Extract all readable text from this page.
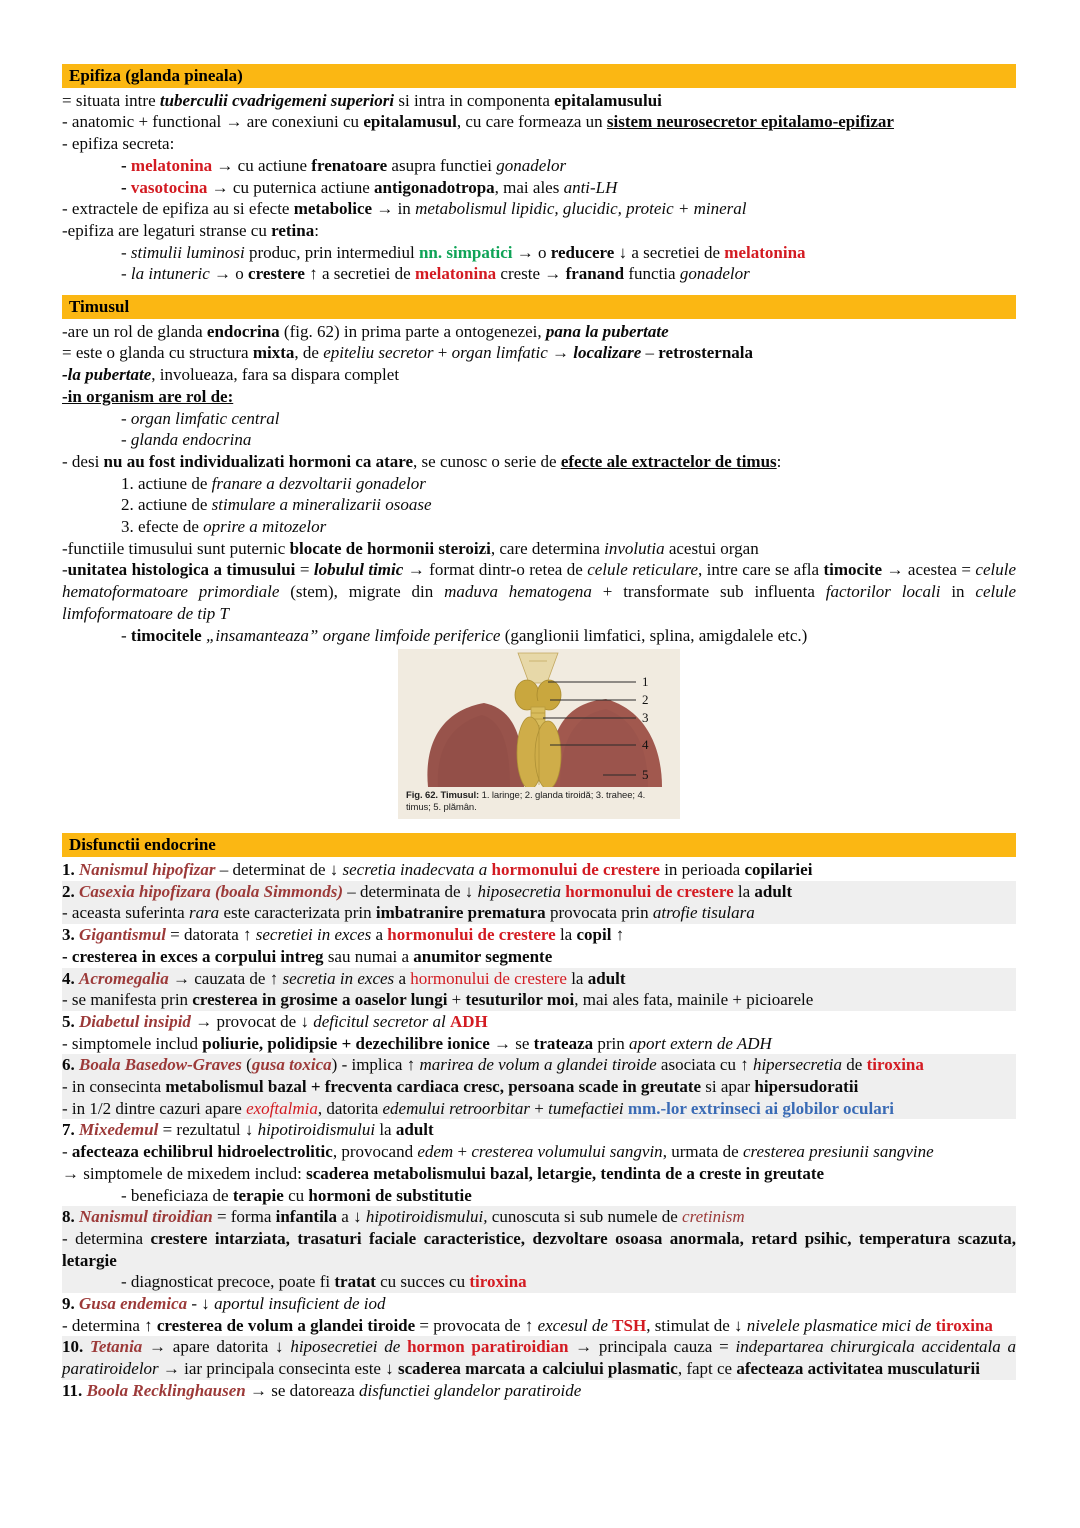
Epifiza (glanda pineala)
= situata intre tuberculii cvadrigemeni superiori si intra in componenta epitalamusului
- anatomic + functional → are conexiuni cu epitalamusul, cu care formeaza un sistem neurosecretor epitalamo-epifizar
- epifiza secreta:
- melatonina → cu actiune frenatoare asupra functiei gonadelor
- vasotocina → cu puternica actiune antigonadotropa, mai ales anti-LH
- extractele de epifiza au si efecte metabolice → in metabolismul lipidic, glucidic, proteic + mineral
-epifiza are legaturi stranse cu retina:
- stimulii luminosi produc, prin intermediul nn. simpatici → o reducere ↓ a secretiei de melatonina
- la intuneric → o crestere ↑ a secretiei de melatonina creste → franand functia gonadelor
Timusul
-are un rol de glanda endocrina (fig. 62) in prima parte a ontogenezei, pana la pubertate
= este o glanda cu structura mixta, de epiteliu secretor + organ limfatic → localizare – retrosternala
-la pubertate, involueaza, fara sa dispara complet
-in organism are rol de:
- organ limfatic central
- glanda endocrina
- desi nu au fost individualizati hormoni ca atare, se cunosc o serie de efecte ale extractelor de timus:
1. actiune de franare a dezvoltarii gonadelor
2. actiune de stimulare a mineralizarii osoase
3. efecte de oprire a mitozelor
-functiile timusului sunt puternic blocate de hormonii steroizi, care determina involutia acestui organ
-unitatea histologica a timusului = lobulul timic → format dintr-o retea de celule reticulare, intre care se afla timocite → acestea = celule hematoformatoare primordiale (stem), migrate din maduva hematogena + transformate sub influenta factorilor locali in celule limfoformatoare de tip T
- timocitele „insamanteaza” organe limfoide periferice (ganglionii limfatici, splina, amigdalele etc.)
1
2
3
4
5
Fig. 62. Timusul: 1. laringe; 2. glanda tiroidă; 3. trahee; 4. timus; 5. plămân.
Disfunctii endocrine
1. Nanismul hipofizar – determinat de ↓ secretia inadecvata a hormonului de crestere in perioada copilariei
2. Casexia hipofizara (boala Simmonds) – determinata de ↓ hiposecretia hormonului de crestere la adult
- aceasta suferinta rara este caracterizata prin imbatranire prematura provocata prin atrofie tisulara
3. Gigantismul = datorata ↑ secretiei in exces a hormonului de crestere la copil ↑
- cresterea in exces a corpului intreg sau numai a anumitor segmente
4. Acromegalia → cauzata de ↑ secretia in exces a hormonului de crestere la adult
- se manifesta prin cresterea in grosime a oaselor lungi + tesuturilor moi, mai ales fata, mainile + picioarele
5. Diabetul insipid → provocat de ↓ deficitul secretor al ADH
- simptomele includ poliurie, polidipsie + dezechilibre ionice → se trateaza prin aport extern de ADH
6. Boala Basedow-Graves (gusa toxica) - implica ↑ marirea de volum a glandei tiroide asociata cu ↑ hipersecretia de tiroxina
- in consecinta metabolismul bazal + frecventa cardiaca cresc, persoana scade in greutate si apar hipersudoratii
- in 1/2 dintre cazuri apare exoftalmia, datorita edemului retroorbitar + tumefactiei mm.-lor extrinseci ai globilor oculari
7. Mixedemul = rezultatul ↓ hipotiroidismului la adult
- afecteaza echilibrul hidroelectrolitic, provocand edem + cresterea volumului sangvin, urmata de cresterea presiunii sangvine
→ simptomele de mixedem includ: scaderea metabolismului bazal, letargie, tendinta de a creste in greutate
- beneficiaza de terapie cu hormoni de substitutie
8. Nanismul tiroidian = forma infantila a ↓ hipotiroidismului, cunoscuta si sub numele de cretinism
- determina crestere intarziata, trasaturi faciale caracteristice, dezvoltare osoasa anormala, retard psihic, temperatura scazuta, letargie
- diagnosticat precoce, poate fi tratat cu succes cu tiroxina
9. Gusa endemica - ↓ aportul insuficient de iod
- determina ↑ cresterea de volum a glandei tiroide = provocata de ↑ excesul de TSH, stimulat de ↓ nivelele plasmatice mici de tiroxina
10. Tetania → apare datorita ↓ hiposecretiei de hormon paratiroidian → principala cauza = indepartarea chirurgicala accidentala a paratiroidelor → iar principala consecinta este ↓ scaderea marcata a calciului plasmatic, fapt ce afecteaza activitatea musculaturii
11. Boola Recklinghausen → se datoreaza disfunctiei glandelor paratiroide
